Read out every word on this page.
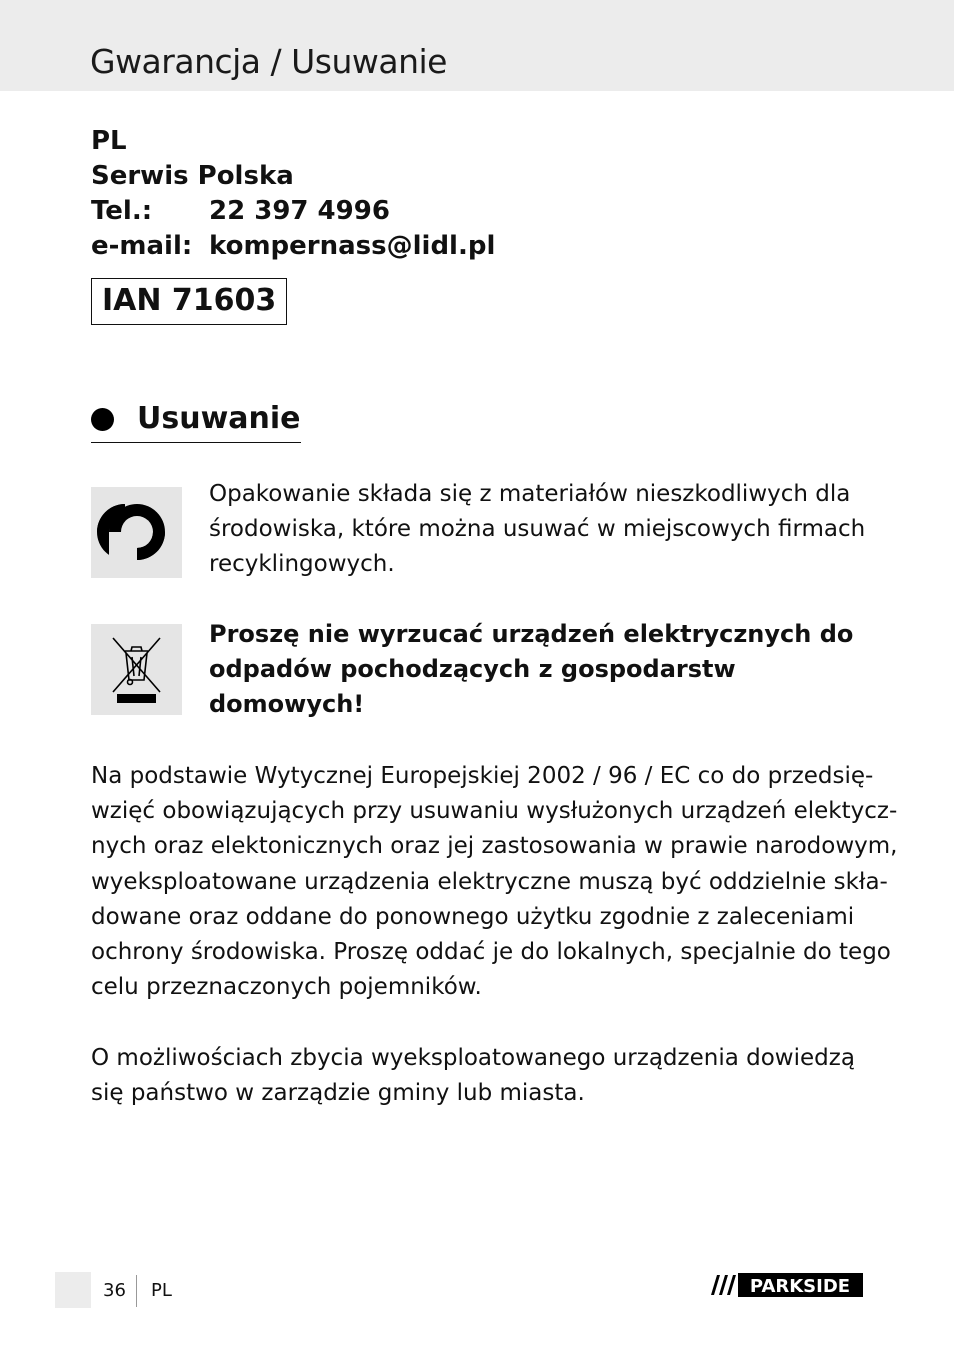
Gwarancja / Usuwanie
PL
Serwis Polska
Tel.:	22 397 4996
e-mail: kompernass@lidl.pl
IAN 71603
Usuwanie
Opakowanie składa się z materiałów nieszkodliwych dla
środowiska, które można usuwać w miejscowych firmach
recyklingowych.
Proszę nie wyrzucać urządzeń elektrycznych do
odpadów pochodzących z gospodarstw
domowych!
Na podstawie Wytycznej Europejskiej 2002 / 96 / EC co do przedsię-
wzięć obowiązujących przy usuwaniu wysłużonych urządzeń elektycz-
nych oraz elektonicznych oraz jej zastosowania w prawie narodowym,
wyeksploatowane urządzenia elektryczne muszą być oddzielnie skła-
dowane oraz oddane do ponownego użytku zgodnie z zaleceniami
ochrony środowiska. Proszę oddać je do lokalnych, specjalnie do tego
celu przeznaczonych pojemników.
O możliwościach zbycia wyeksploatowanego urządzenia dowiedzą
się państwo w zarządzie gminy lub miasta.
36 PL	PARKSIDE
